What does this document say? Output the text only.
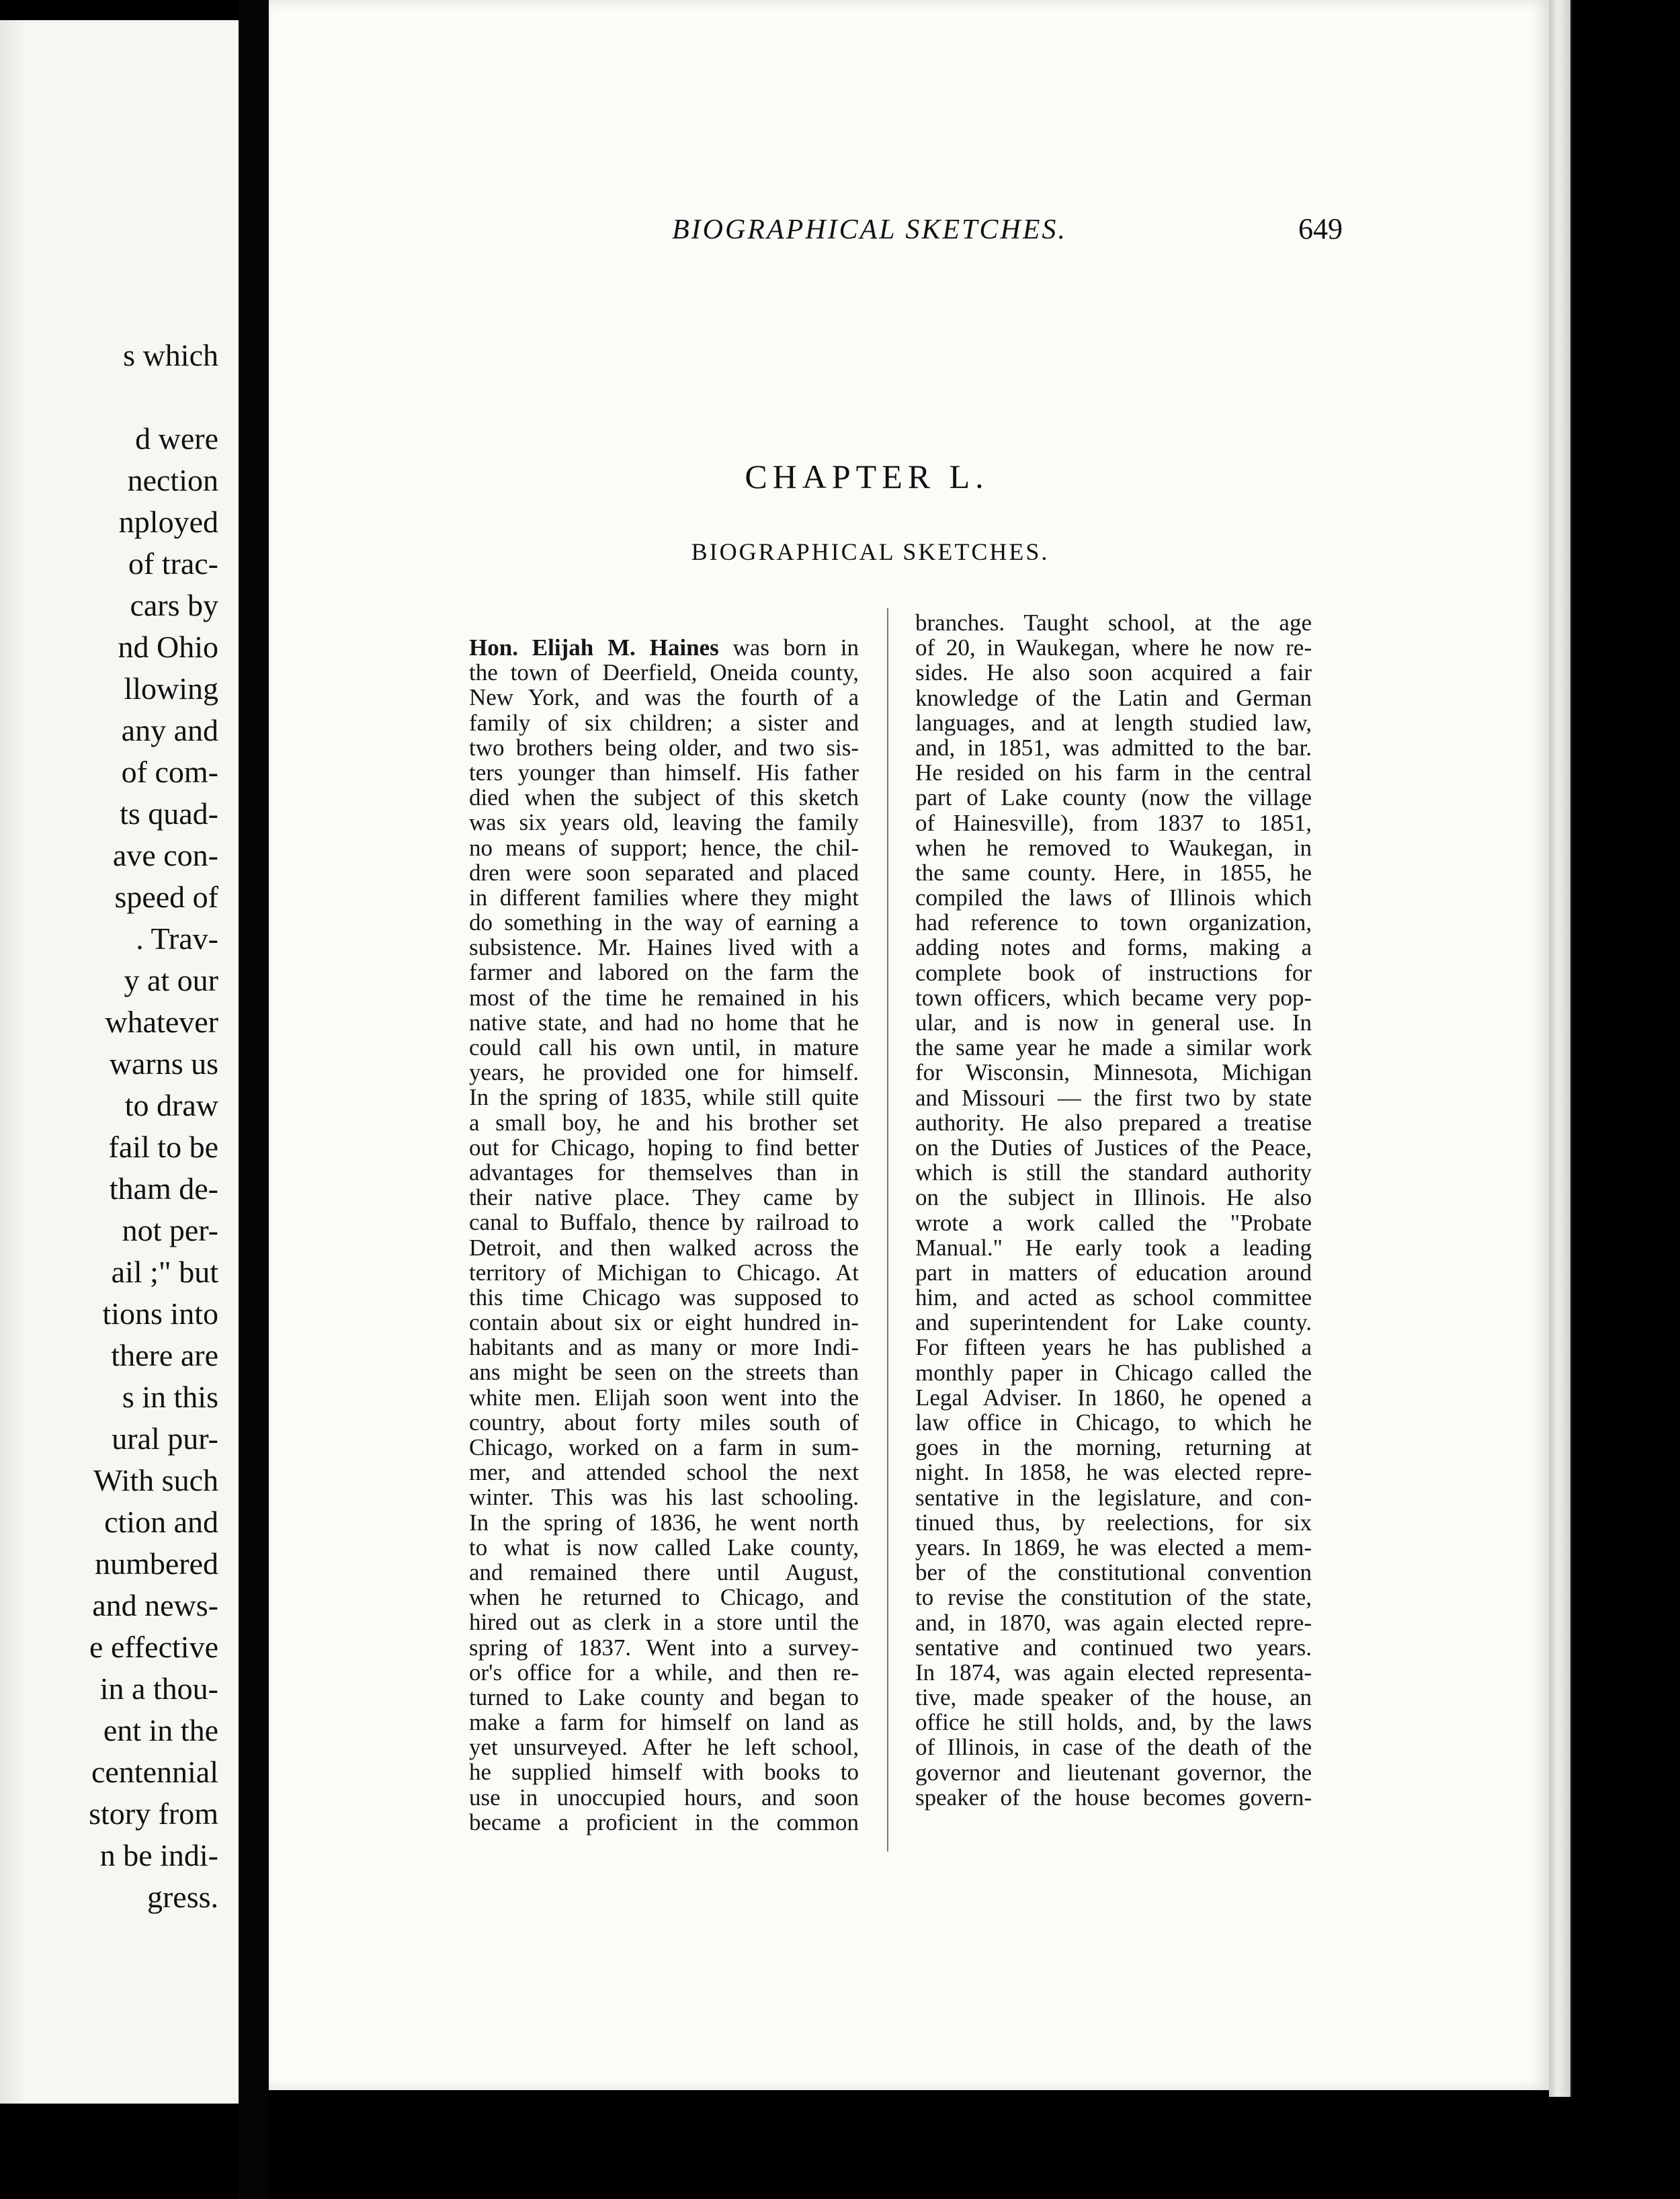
s which
d were
nection
nployed
of trac-
cars by
nd Ohio
llowing
any and
of com-
ts quad-
ave con-
speed of
. Trav-
y at our
whatever
warns us
to draw
fail to be
tham de-
not per-
ail ;" but
tions into
there are
s in this
ural pur-
With such
ction and
numbered
and news-
e effective
in a thou-
ent in the
centennial
story from
n be indi-
gress.
BIOGRAPHICAL SKETCHES.	649
CHAPTER L.
BIOGRAPHICAL SKETCHES.
Hon. Elijah M. Haines was born in
the town of Deerfield, Oneida county,
New York, and was the fourth of a
family of six children; a sister and
two brothers being older, and two sis-
ters younger than himself. His father
died when the subject of this sketch
was six years old, leaving the family
no means of support; hence, the chil-
dren were soon separated and placed
in different families where they might
do something in the way of earning a
subsistence. Mr. Haines lived with a
farmer and labored on the farm the
most of the time he remained in his
native state, and had no home that he
could call his own until, in mature
years, he provided one for himself.
In the spring of 1835, while still quite
a small boy, he and his brother set
out for Chicago, hoping to find better
advantages for themselves than in
their native place. They came by
canal to Buffalo, thence by railroad to
Detroit, and then walked across the
territory of Michigan to Chicago. At
this time Chicago was supposed to
contain about six or eight hundred in-
habitants and as many or more Indi-
ans might be seen on the streets than
white men. Elijah soon went into the
country, about forty miles south of
Chicago, worked on a farm in sum-
mer, and attended school the next
winter. This was his last schooling.
In the spring of 1836, he went north
to what is now called Lake county,
and remained there until August,
when he returned to Chicago, and
hired out as clerk in a store until the
spring of 1837. Went into a survey-
or's office for a while, and then re-
turned to Lake county and began to
make a farm for himself on land as
yet unsurveyed. After he left school,
he supplied himself with books to
use in unoccupied hours, and soon
became a proficient in the common
branches. Taught school, at the age
of 20, in Waukegan, where he now re-
sides. He also soon acquired a fair
knowledge of the Latin and German
languages, and at length studied law,
and, in 1851, was admitted to the bar.
He resided on his farm in the central
part of Lake county (now the village
of Hainesville), from 1837 to 1851,
when he removed to Waukegan, in
the same county. Here, in 1855, he
compiled the laws of Illinois which
had reference to town organization,
adding notes and forms, making a
complete book of instructions for
town officers, which became very pop-
ular, and is now in general use. In
the same year he made a similar work
for Wisconsin, Minnesota, Michigan
and Missouri — the first two by state
authority. He also prepared a treatise
on the Duties of Justices of the Peace,
which is still the standard authority
on the subject in Illinois. He also
wrote a work called the "Probate
Manual." He early took a leading
part in matters of education around
him, and acted as school committee
and superintendent for Lake county.
For fifteen years he has published a
monthly paper in Chicago called the
Legal Adviser. In 1860, he opened a
law office in Chicago, to which he
goes in the morning, returning at
night. In 1858, he was elected repre-
sentative in the legislature, and con-
tinued thus, by reelections, for six
years. In 1869, he was elected a mem-
ber of the constitutional convention
to revise the constitution of the state,
and, in 1870, was again elected repre-
sentative and continued two years.
In 1874, was again elected representa-
tive, made speaker of the house, an
office he still holds, and, by the laws
of Illinois, in case of the death of the
governor and lieutenant governor, the
speaker of the house becomes govern-
